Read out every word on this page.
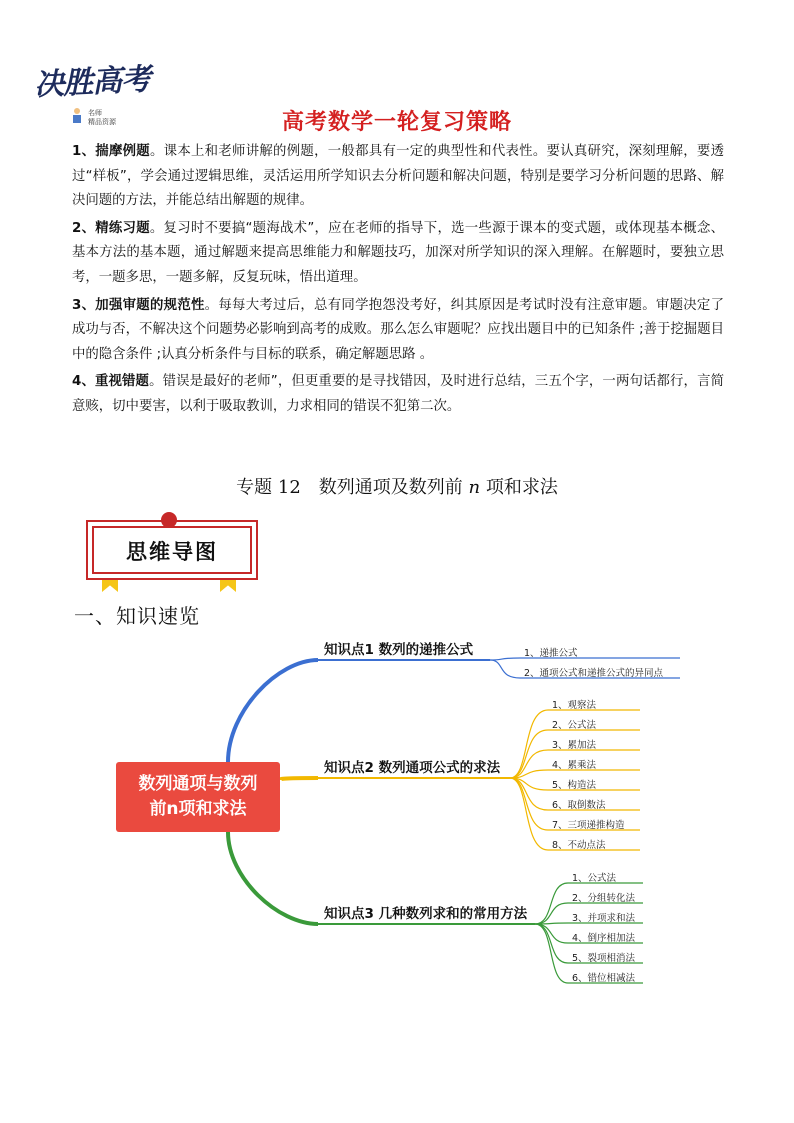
决胜高考
名师
精品资源	高考数学一轮复习策略

1、揣摩例题。课本上和老师讲解的例题，一般都具有一定的典型性和代表性。要认真研究，深刻理解，要透过“样板”，学会通过逻辑思维，灵活运用所学知识去分析问题和解决问题，特别是要学习分析问题的思路、解决问题的方法，并能总结出解题的规律。

2、精练习题。复习时不要搞“题海战术”，应在老师的指导下，选一些源于课本的变式题，或体现基本概念、基本方法的基本题，通过解题来提高思维能力和解题技巧，加深对所学知识的深入理解。在解题时，要独立思考，一题多思，一题多解，反复玩味，悟出道理。

3、加强审题的规范性。每每大考过后，总有同学抱怨没考好，纠其原因是考试时没有注意审题。审题决定了成功与否，不解决这个问题势必影响到高考的成败。那么怎么审题呢？应找出题目中的已知条件 ;善于挖掘题目中的隐含条件 ;认真分析条件与目标的联系，确定解题思路 。

4、重视错题。错误是最好的老师”，但更重要的是寻找错因，及时进行总结，三五个字，一两句话都行，言简意赅，切中要害，以利于吸取教训，力求相同的错误不犯第二次。

专题 12　数列通项及数列前 n 项和求法
思维导图
一、知识速览
数列通项与数列
前n项和求法
知识点1 数列的递推公式	1、递推公式
2、通项公式和递推公式的异同点
知识点2 数列通项公式的求法
1、观察法
2、公式法
3、累加法
4、累乘法
5、构造法
6、取倒数法
7、三项递推构造
8、不动点法
知识点3 几种数列求和的常用方法
1、公式法
2、分组转化法
3、并项求和法
4、倒序相加法
5、裂项相消法
6、错位相减法
